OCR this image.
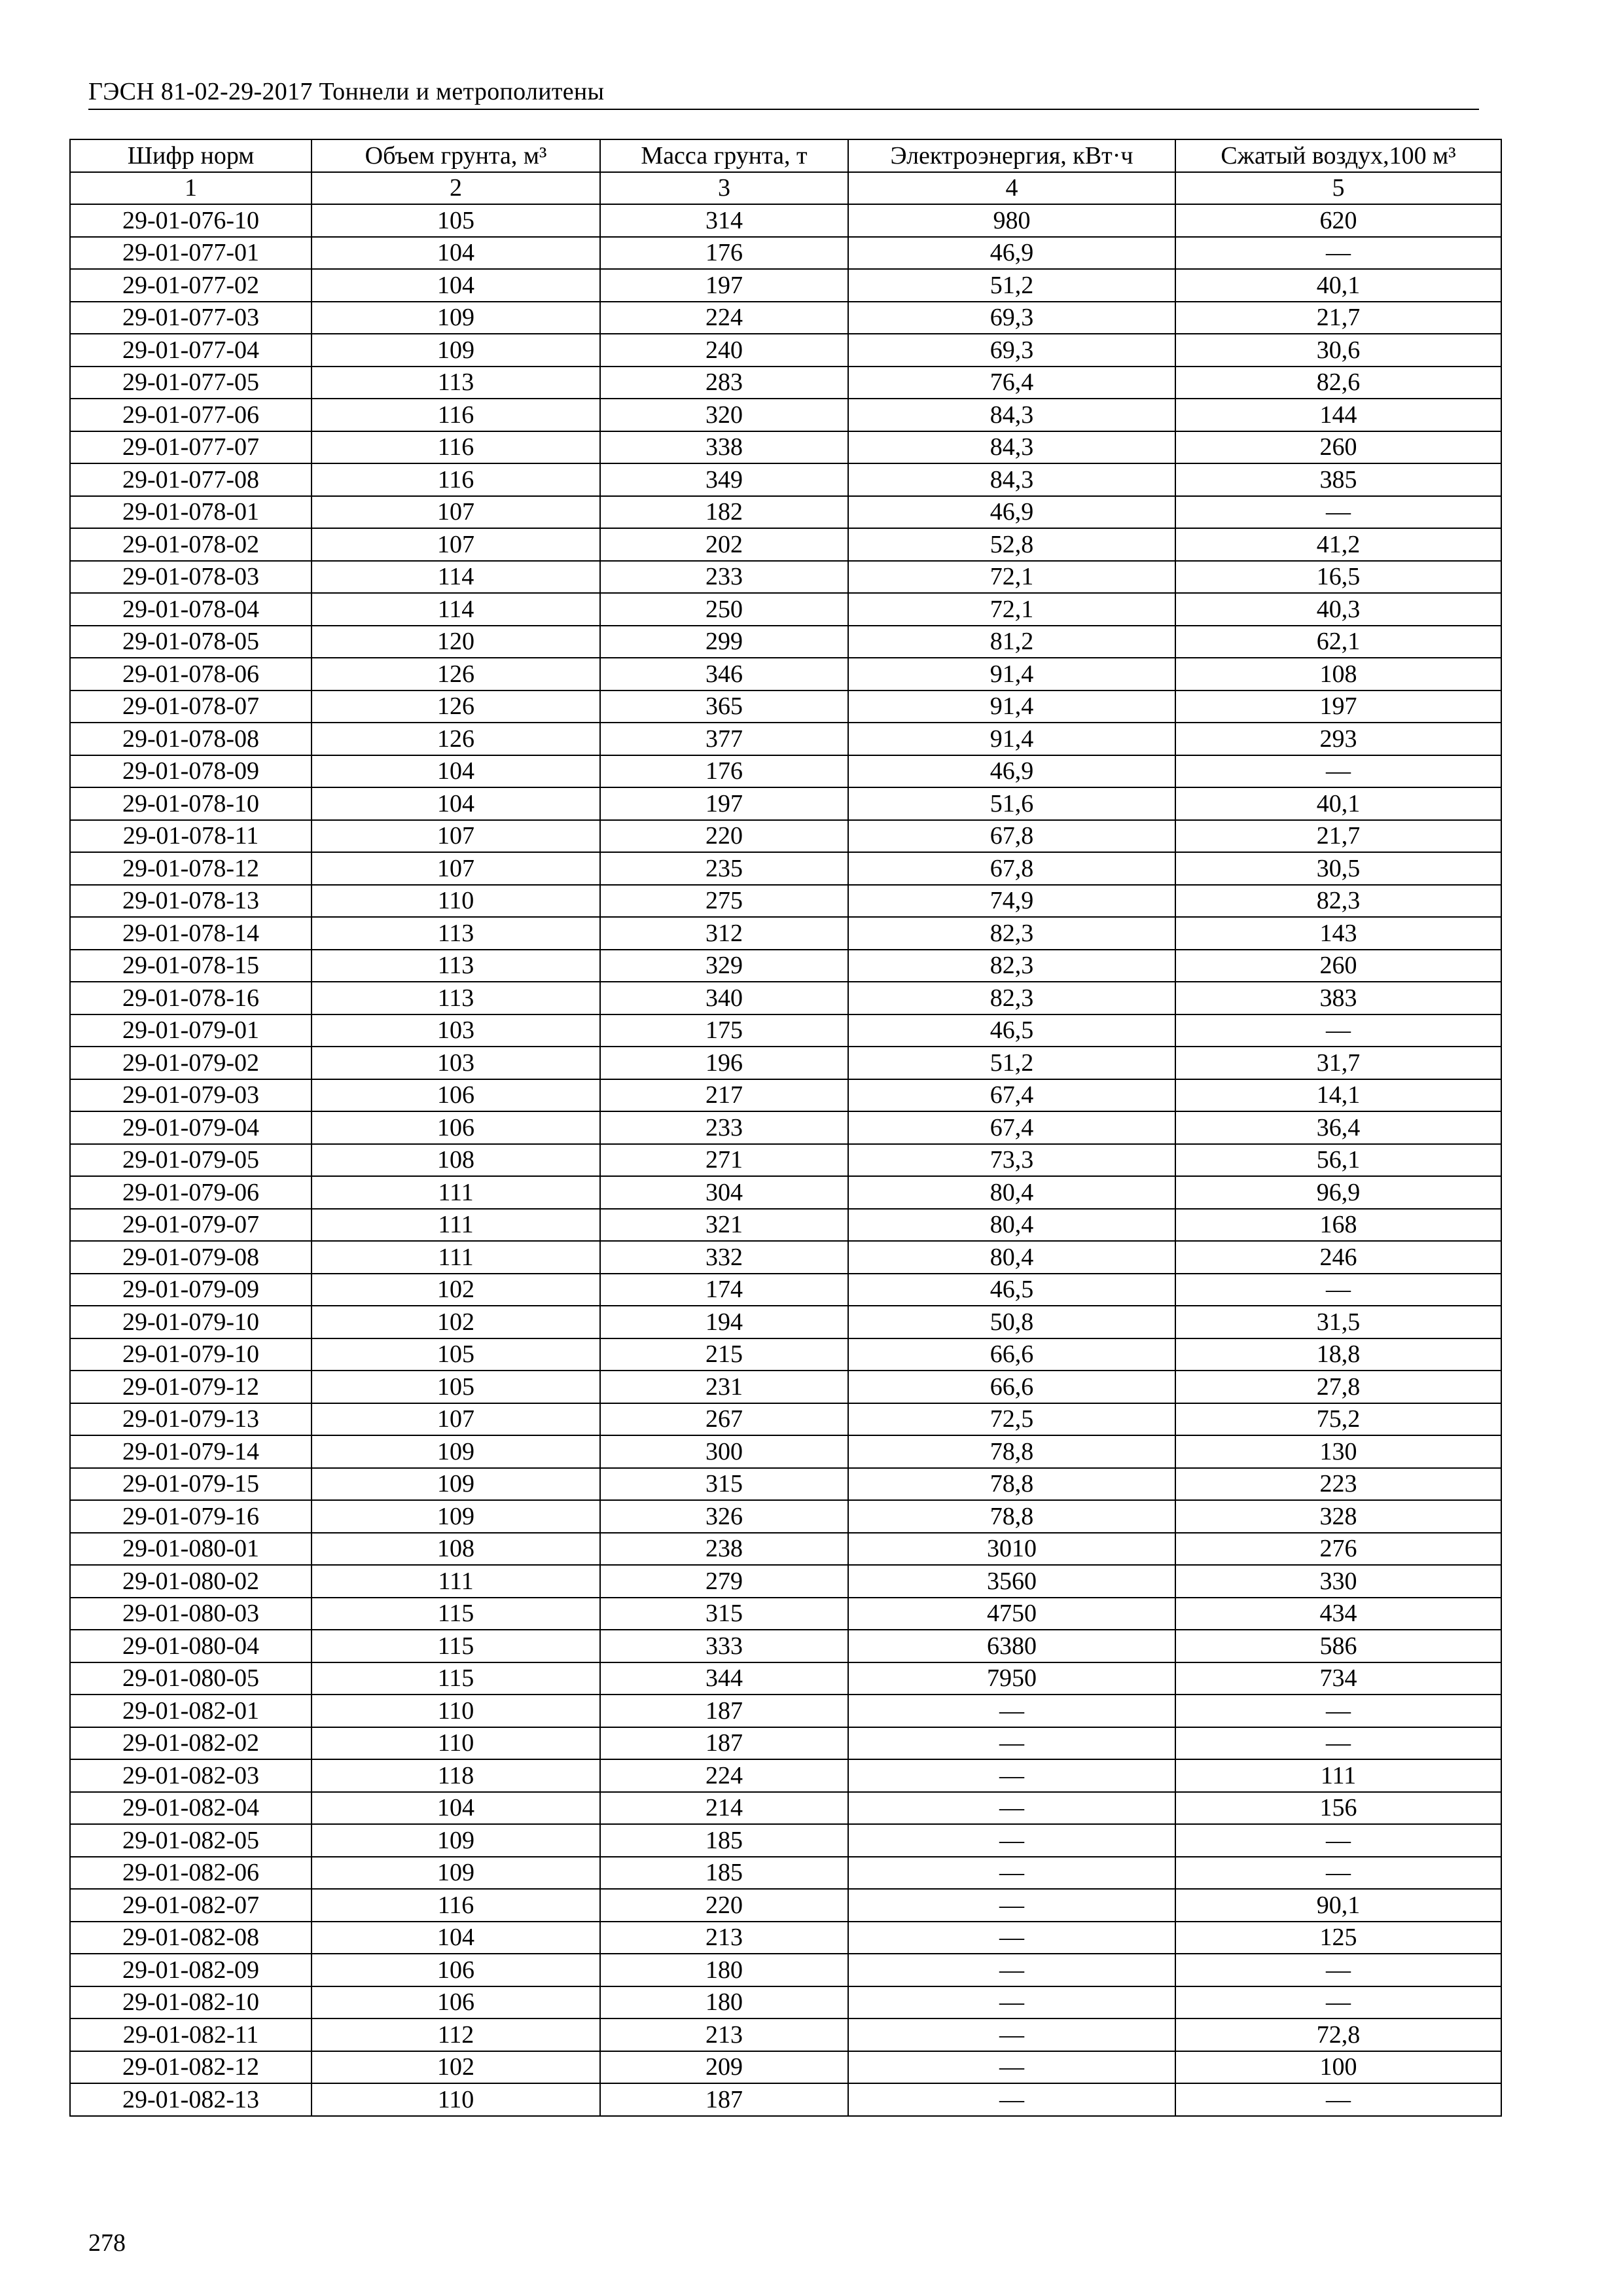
ГЭСН 81-02-29-2017 Тоннели и метрополитены
Шифр норм	Объем грунта, м³	Масса грунта, т	Электроэнергия, кВт·ч	Сжатый воздух,100 м³
1	2	3	4	5
29-01-076-10	105	314	980	620
29-01-077-01	104	176	46,9	—
29-01-077-02	104	197	51,2	40,1
29-01-077-03	109	224	69,3	21,7
29-01-077-04	109	240	69,3	30,6
29-01-077-05	113	283	76,4	82,6
29-01-077-06	116	320	84,3	144
29-01-077-07	116	338	84,3	260
29-01-077-08	116	349	84,3	385
29-01-078-01	107	182	46,9	—
29-01-078-02	107	202	52,8	41,2
29-01-078-03	114	233	72,1	16,5
29-01-078-04	114	250	72,1	40,3
29-01-078-05	120	299	81,2	62,1
29-01-078-06	126	346	91,4	108
29-01-078-07	126	365	91,4	197
29-01-078-08	126	377	91,4	293
29-01-078-09	104	176	46,9	—
29-01-078-10	104	197	51,6	40,1
29-01-078-11	107	220	67,8	21,7
29-01-078-12	107	235	67,8	30,5
29-01-078-13	110	275	74,9	82,3
29-01-078-14	113	312	82,3	143
29-01-078-15	113	329	82,3	260
29-01-078-16	113	340	82,3	383
29-01-079-01	103	175	46,5	—
29-01-079-02	103	196	51,2	31,7
29-01-079-03	106	217	67,4	14,1
29-01-079-04	106	233	67,4	36,4
29-01-079-05	108	271	73,3	56,1
29-01-079-06	111	304	80,4	96,9
29-01-079-07	111	321	80,4	168
29-01-079-08	111	332	80,4	246
29-01-079-09	102	174	46,5	—
29-01-079-10	102	194	50,8	31,5
29-01-079-10	105	215	66,6	18,8
29-01-079-12	105	231	66,6	27,8
29-01-079-13	107	267	72,5	75,2
29-01-079-14	109	300	78,8	130
29-01-079-15	109	315	78,8	223
29-01-079-16	109	326	78,8	328
29-01-080-01	108	238	3010	276
29-01-080-02	111	279	3560	330
29-01-080-03	115	315	4750	434
29-01-080-04	115	333	6380	586
29-01-080-05	115	344	7950	734
29-01-082-01	110	187	—	—
29-01-082-02	110	187	—	—
29-01-082-03	118	224	—	111
29-01-082-04	104	214	—	156
29-01-082-05	109	185	—	—
29-01-082-06	109	185	—	—
29-01-082-07	116	220	—	90,1
29-01-082-08	104	213	—	125
29-01-082-09	106	180	—	—
29-01-082-10	106	180	—	—
29-01-082-11	112	213	—	72,8
29-01-082-12	102	209	—	100
29-01-082-13	110	187	—	—
278
